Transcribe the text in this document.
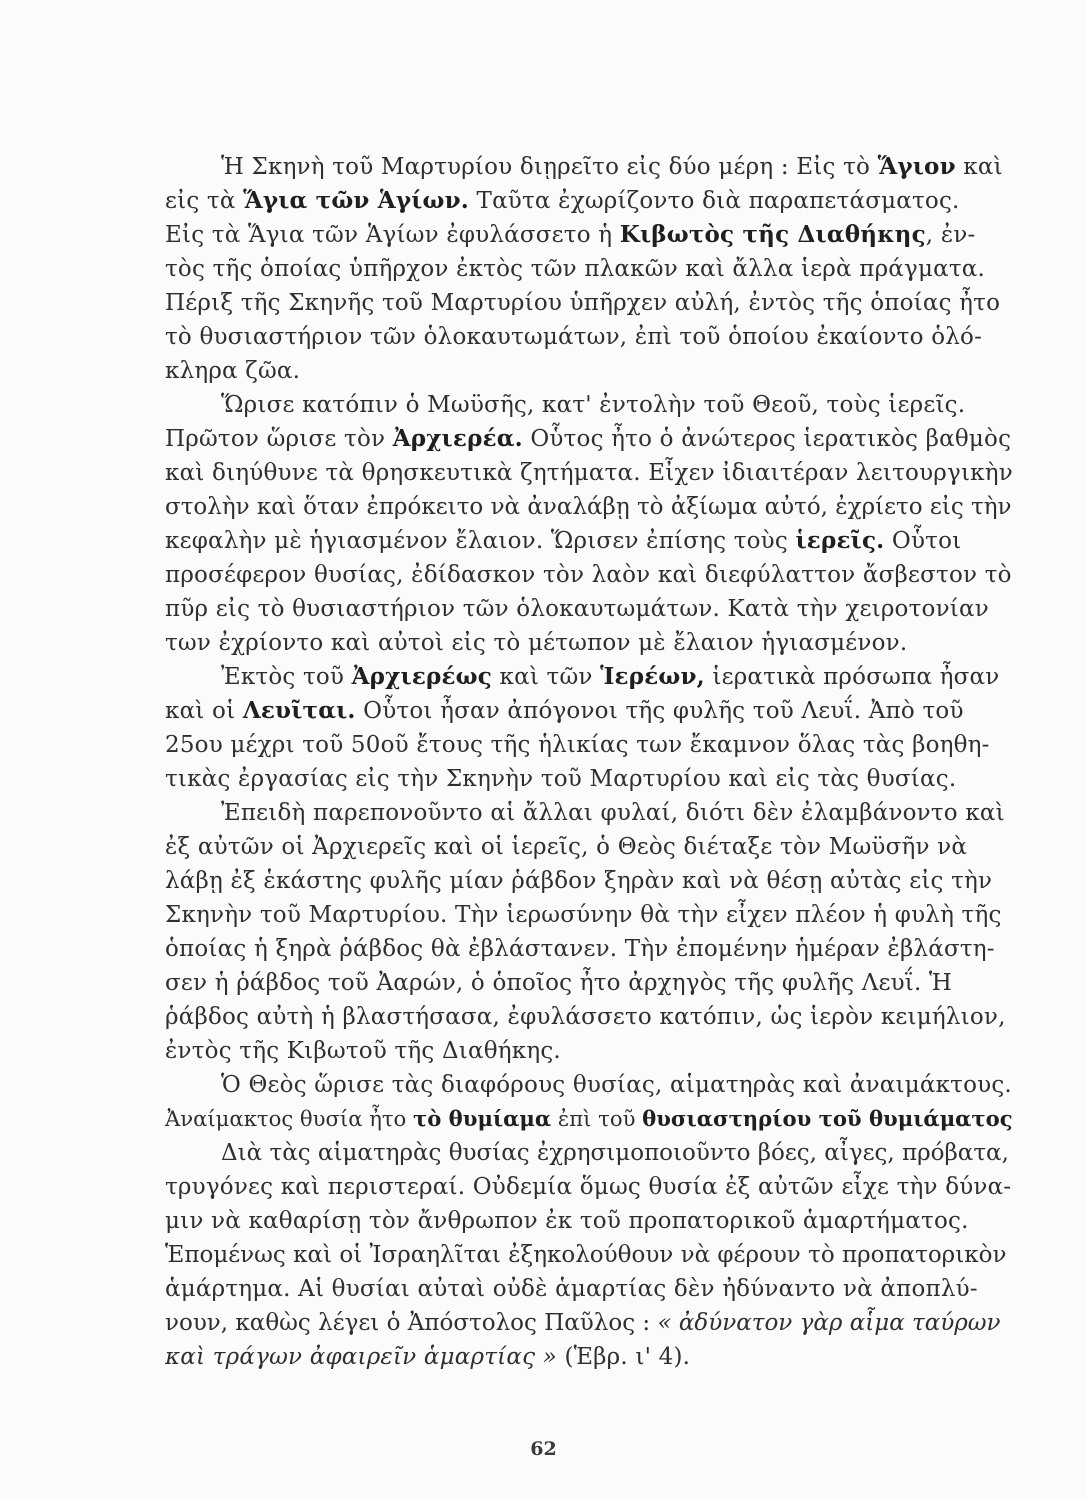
Ἡ Σκηνὴ τοῦ Μαρτυρίου διῃρεῖτο εἰς δύο μέρη : Εἰς τὸ Ἅγιον καὶ
εἰς τὰ Ἅγια τῶν Ἁγίων. Ταῦτα ἐχωρίζοντο διὰ παραπετάσματος.
Εἰς τὰ Ἅγια τῶν Ἁγίων ἐφυλάσσετο ἡ Κιβωτὸς τῆς Διαθήκης, ἐν-
τὸς τῆς ὁποίας ὑπῆρχον ἐκτὸς τῶν πλακῶν καὶ ἄλλα ἱερὰ πράγματα.
Πέριξ τῆς Σκηνῆς τοῦ Μαρτυρίου ὑπῆρχεν αὐλή, ἐντὸς τῆς ὁποίας ἦτο
τὸ θυσιαστήριον τῶν ὁλοκαυτωμάτων, ἐπὶ τοῦ ὁποίου ἐκαίοντο ὁλό-
κληρα ζῶα.
Ὥρισε κατόπιν ὁ Μωϋσῆς, κατ' ἐντολὴν τοῦ Θεοῦ, τοὺς ἱερεῖς.
Πρῶτον ὥρισε τὸν Ἀρχιερέα. Οὗτος ἦτο ὁ ἀνώτερος ἱερατικὸς βαθμὸς
καὶ διηύθυνε τὰ θρησκευτικὰ ζητήματα. Εἶχεν ἰδιαιτέραν λειτουργικὴν
στολὴν καὶ ὅταν ἐπρόκειτο νὰ ἀναλάβῃ τὸ ἀξίωμα αὐτό, ἐχρίετο εἰς τὴν
κεφαλὴν μὲ ἡγιασμένον ἔλαιον. Ὥρισεν ἐπίσης τοὺς ἱερεῖς. Οὗτοι
προσέφερον θυσίας, ἐδίδασκον τὸν λαὸν καὶ διεφύλαττον ἄσβεστον τὸ
πῦρ εἰς τὸ θυσιαστήριον τῶν ὁλοκαυτωμάτων. Κατὰ τὴν χειροτονίαν
των ἐχρίοντο καὶ αὐτοὶ εἰς τὸ μέτωπον μὲ ἔλαιον ἡγιασμένον.
Ἐκτὸς τοῦ Ἀρχιερέως καὶ τῶν Ἱερέων, ἱερατικὰ πρόσωπα ἦσαν
καὶ οἱ Λευῖται. Οὗτοι ἦσαν ἀπόγονοι τῆς φυλῆς τοῦ Λευΐ. Ἀπὸ τοῦ
25ου μέχρι τοῦ 50οῦ ἔτους τῆς ἡλικίας των ἔκαμνον ὅλας τὰς βοηθη-
τικὰς ἐργασίας εἰς τὴν Σκηνὴν τοῦ Μαρτυρίου καὶ εἰς τὰς θυσίας.
Ἐπειδὴ παρεπονοῦντο αἱ ἄλλαι φυλαί, διότι δὲν ἐλαμβάνοντο καὶ
ἐξ αὐτῶν οἱ Ἀρχιερεῖς καὶ οἱ ἱερεῖς, ὁ Θεὸς διέταξε τὸν Μωϋσῆν νὰ
λάβῃ ἐξ ἑκάστης φυλῆς μίαν ῥάβδον ξηρὰν καὶ νὰ θέσῃ αὐτὰς εἰς τὴν
Σκηνὴν τοῦ Μαρτυρίου. Τὴν ἱερωσύνην θὰ τὴν εἶχεν πλέον ἡ φυλὴ τῆς
ὁποίας ἡ ξηρὰ ῥάβδος θὰ ἐβλάστανεν. Τὴν ἐπομένην ἡμέραν ἐβλάστη-
σεν ἡ ῥάβδος τοῦ Ἀαρών, ὁ ὁποῖος ἦτο ἀρχηγὸς τῆς φυλῆς Λευΐ. Ἡ
ῥάβδος αὐτὴ ἡ βλαστήσασα, ἐφυλάσσετο κατόπιν, ὡς ἱερὸν κειμήλιον,
ἐντὸς τῆς Κιβωτοῦ τῆς Διαθήκης.
Ὁ Θεὸς ὥρισε τὰς διαφόρους θυσίας, αἱματηρὰς καὶ ἀναιμάκτους.
Ἀναίμακτος θυσία ἦτο τὸ θυμίαμα ἐπὶ τοῦ θυσιαστηρίου τοῦ θυμιάματος
Διὰ τὰς αἱματηρὰς θυσίας ἐχρησιμοποιοῦντο βόες, αἶγες, πρόβατα,
τρυγόνες καὶ περιστεραί. Οὐδεμία ὅμως θυσία ἐξ αὐτῶν εἶχε τὴν δύνα-
μιν νὰ καθαρίσῃ τὸν ἄνθρωπον ἐκ τοῦ προπατορικοῦ ἁμαρτήματος.
Ἑπομένως καὶ οἱ Ἰσραηλῖται ἐξηκολούθουν νὰ φέρουν τὸ προπατορικὸν
ἁμάρτημα. Αἱ θυσίαι αὐταὶ οὐδὲ ἁμαρτίας δὲν ἠδύναντο νὰ ἀποπλύ-
νουν, καθὼς λέγει ὁ Ἀπόστολος Παῦλος : « ἀδύνατον γὰρ αἷμα ταύρων
καὶ τράγων ἀφαιρεῖν ἁμαρτίας » (Ἑβρ. ι' 4).
62
